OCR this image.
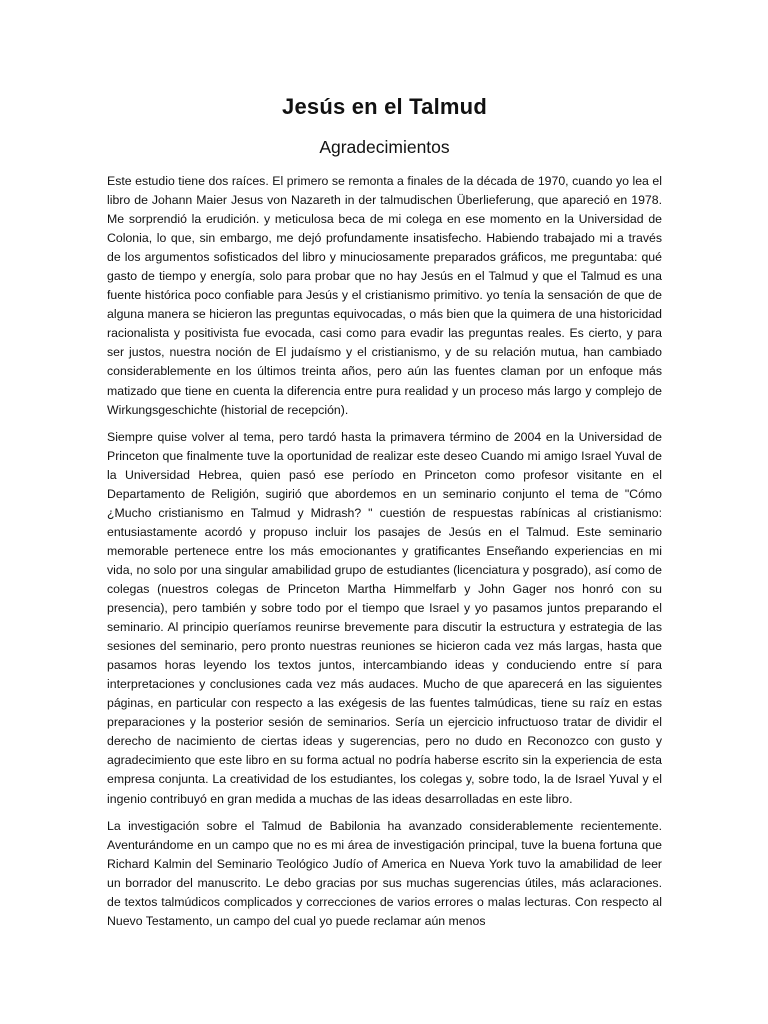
Jesús en el Talmud
Agradecimientos

Este estudio tiene dos raíces. El primero se remonta a finales de la década de 1970, cuando yo lea el libro de Johann Maier Jesus von Nazareth in der talmudischen Überlieferung, que apareció en 1978. Me sorprendió la erudición. y meticulosa beca de mi colega en ese momento en la Universidad de Colonia, lo que, sin embargo, me dejó profundamente insatisfecho. Habiendo trabajado mi a través de los argumentos sofisticados del libro y minuciosamente preparados gráficos, me preguntaba: qué gasto de tiempo y energía, solo para probar que no hay Jesús en el Talmud y que el Talmud es una fuente histórica poco confiable para Jesús y el cristianismo primitivo. yo tenía la sensación de que de alguna manera se hicieron las preguntas equivocadas, o más bien que la quimera de una historicidad racionalista y positivista fue evocada, casi como para evadir las preguntas reales. Es cierto, y para ser justos, nuestra noción de El judaísmo y el cristianismo, y de su relación mutua, han cambiado considerablemente en los últimos treinta años, pero aún las fuentes claman por un enfoque más matizado que tiene en cuenta la diferencia entre pura realidad y un proceso más largo y complejo de Wirkungsgeschichte (historial de recepción).

Siempre quise volver al tema, pero tardó hasta la primavera término de 2004 en la Universidad de Princeton que finalmente tuve la oportunidad de realizar este deseo Cuando mi amigo Israel Yuval de la Universidad Hebrea, quien pasó ese período en Princeton como profesor visitante en el Departamento de Religión, sugirió que abordemos en un seminario conjunto el tema de "Cómo ¿Mucho cristianismo en Talmud y Midrash? " cuestión de respuestas rabínicas al cristianismo: entusiastamente acordó y propuso incluir los pasajes de Jesús en el Talmud. Este seminario memorable pertenece entre los más emocionantes y gratificantes Enseñando experiencias en mi vida, no solo por una singular amabilidad grupo de estudiantes (licenciatura y posgrado), así como de colegas (nuestros colegas de Princeton Martha Himmelfarb y John Gager nos honró con su presencia), pero también y sobre todo por el tiempo que Israel y yo pasamos juntos preparando el seminario. Al principio queríamos reunirse brevemente para discutir la estructura y estrategia de las sesiones del seminario, pero pronto nuestras reuniones se hicieron cada vez más largas, hasta que pasamos horas leyendo los textos juntos, intercambiando ideas y conduciendo entre sí para interpretaciones y conclusiones cada vez más audaces. Mucho de que aparecerá en las siguientes páginas, en particular con respecto a las exégesis de las fuentes talmúdicas, tiene su raíz en estas preparaciones y la posterior sesión de seminarios. Sería un ejercicio infructuoso tratar de dividir el derecho de nacimiento de ciertas ideas y sugerencias, pero no dudo en Reconozco con gusto y agradecimiento que este libro en su forma actual no podría haberse escrito sin la experiencia de esta empresa conjunta. La creatividad de los estudiantes, los colegas y, sobre todo, la de Israel Yuval y el ingenio contribuyó en gran medida a muchas de las ideas desarrolladas en este libro.

La investigación sobre el Talmud de Babilonia ha avanzado considerablemente recientemente. Aventurándome en un campo que no es mi área de investigación principal, tuve la buena fortuna que Richard Kalmin del Seminario Teológico Judío of America en Nueva York tuvo la amabilidad de leer un borrador del manuscrito. Le debo gracias por sus muchas sugerencias útiles, más aclaraciones. de textos talmúdicos complicados y correcciones de varios errores o malas lecturas. Con respecto al Nuevo Testamento, un campo del cual yo puede reclamar aún menos
